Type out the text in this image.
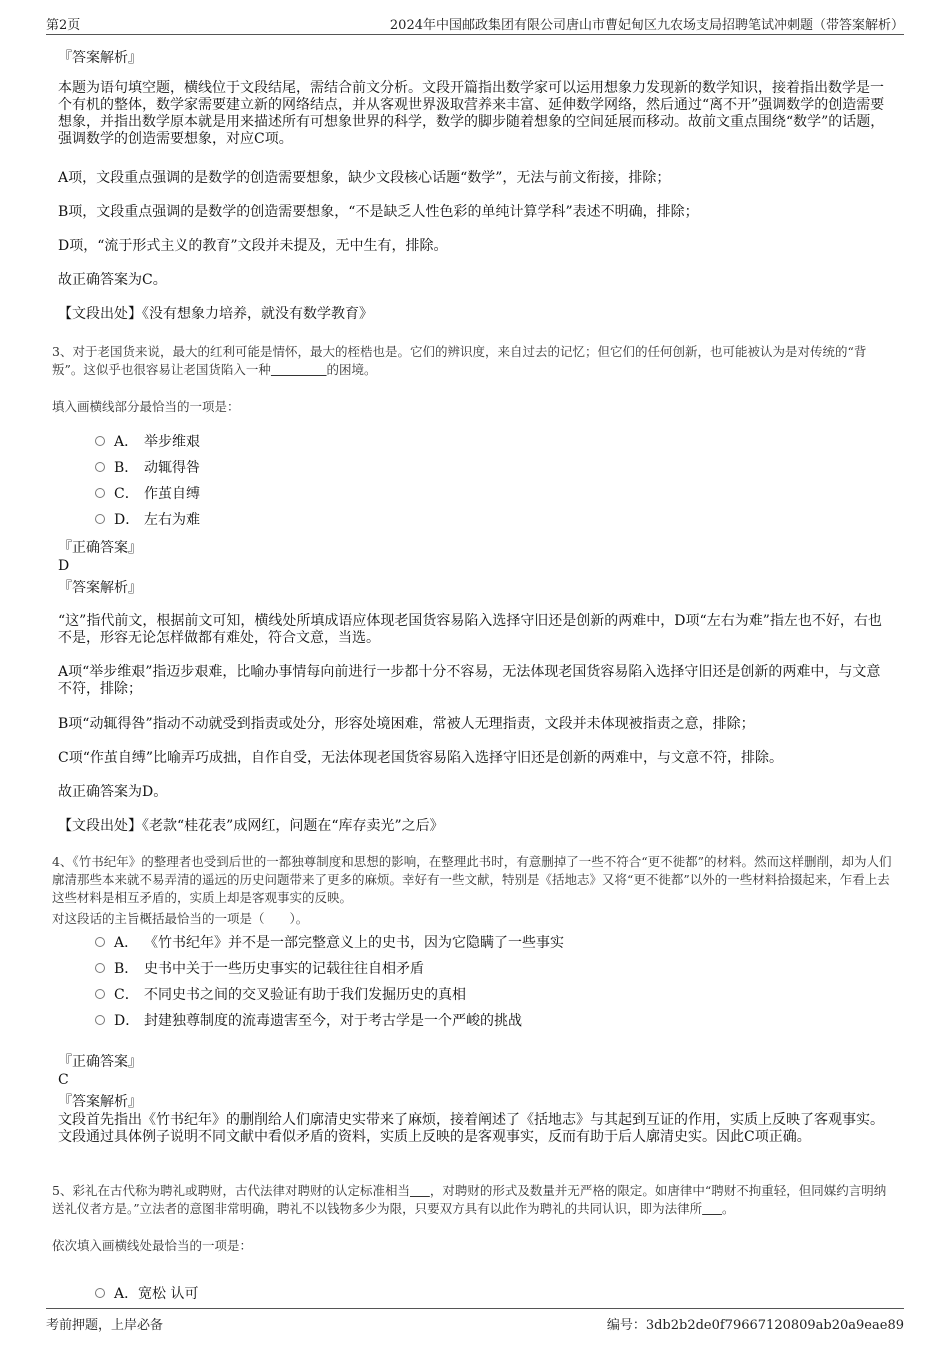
第2页	2024年中国邮政集团有限公司唐山市曹妃甸区九农场支局招聘笔试冲刺题（带答案解析）
『答案解析』
本题为语句填空题，横线位于文段结尾，需结合前文分析。文段开篇指出数学家可以运用想象力发现新的数学知识，接着指出数学是一个有机的整体，数学家需要建立新的网络结点，并从客观世界汲取营养来丰富、延伸数学网络，然后通过“离不开”强调数学的创造需要想象，并指出数学原本就是用来描述所有可想象世界的科学，数学的脚步随着想象的空间延展而移动。故前文重点围绕“数学”的话题，强调数学的创造需要想象，对应C项。
A项，文段重点强调的是数学的创造需要想象，缺少文段核心话题“数学”，无法与前文衔接，排除；
B项，文段重点强调的是数学的创造需要想象，“不是缺乏人性色彩的单纯计算学科”表述不明确，排除；
D项，“流于形式主义的教育”文段并未提及，无中生有，排除。
故正确答案为C。
【文段出处】《没有想象力培养，就没有数学教育》
3、对于老国货来说，最大的红利可能是情怀，最大的桎梏也是。它们的辨识度，来自过去的记忆；但它们的任何创新，也可能被认为是对传统的“背叛”。这似乎也很容易让老国货陷入一种	的困境。
填入画横线部分最恰当的一项是：
A． 举步维艰
B． 动辄得咎
C． 作茧自缚
D． 左右为难
『正确答案』
D
『答案解析』
“这”指代前文，根据前文可知，横线处所填成语应体现老国货容易陷入选择守旧还是创新的两难中，D项“左右为难”指左也不好，右也不是，形容无论怎样做都有难处，符合文意，当选。
A项“举步维艰”指迈步艰难，比喻办事情每向前进行一步都十分不容易，无法体现老国货容易陷入选择守旧还是创新的两难中，与文意不符，排除；
B项“动辄得咎”指动不动就受到指责或处分，形容处境困难，常被人无理指责，文段并未体现被指责之意，排除；
C项“作茧自缚”比喻弄巧成拙，自作自受，无法体现老国货容易陷入选择守旧还是创新的两难中，与文意不符，排除。
故正确答案为D。
【文段出处】《老款“桂花表”成网红，问题在“库存卖光”之后》
4、《竹书纪年》的整理者也受到后世的一都独尊制度和思想的影响，在整理此书时，有意删掉了一些不符合“更不徙都”的材料。然而这样删削，却为人们廓清那些本来就不易弄清的遥远的历史问题带来了更多的麻烦。幸好有一些文献，特别是《括地志》又将“更不徙都”以外的一些材料拾掇起来，乍看上去这些材料是相互矛盾的，实质上却是客观事实的反映。
对这段话的主旨概括最恰当的一项是（　　）。
A． 《竹书纪年》并不是一部完整意义上的史书，因为它隐瞒了一些事实
B． 史书中关于一些历史事实的记载往往自相矛盾
C． 不同史书之间的交叉验证有助于我们发掘历史的真相
D． 封建独尊制度的流毒遗害至今，对于考古学是一个严峻的挑战
『正确答案』
C
『答案解析』
文段首先指出《竹书纪年》的删削给人们廓清史实带来了麻烦，接着阐述了《括地志》与其起到互证的作用，实质上反映了客观事实。文段通过具体例子说明不同文献中看似矛盾的资料，实质上反映的是客观事实，反而有助于后人廓清史实。因此C项正确。
5、彩礼在古代称为聘礼或聘财，古代法律对聘财的认定标准相当 ，对聘财的形式及数量并无严格的限定。如唐律中“聘财不拘重轻，但同媒约言明纳送礼仪者方是。”立法者的意图非常明确，聘礼不以钱物多少为限，只要双方具有以此作为聘礼的共同认识，即为法律所 。
依次填入画横线处最恰当的一项是：
A．宽松 认可
考前押题，上岸必备	编号：3db2b2de0f79667120809ab20a9eae89
